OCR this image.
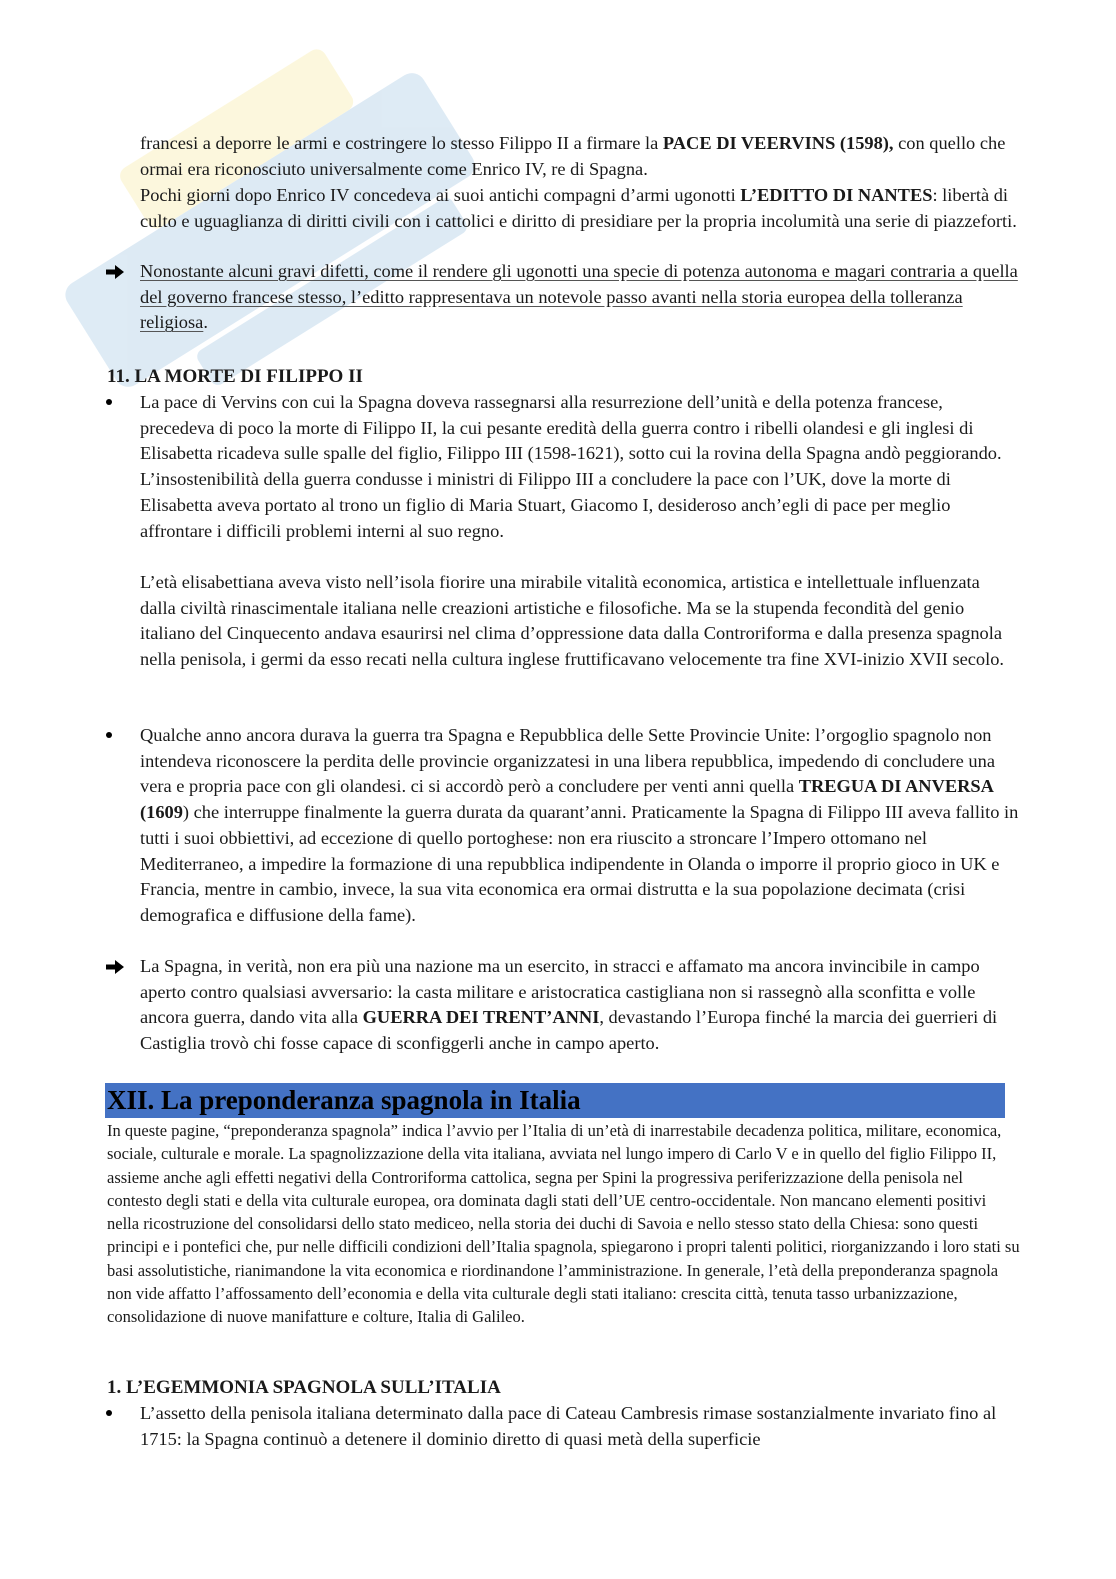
francesi a deporre le armi e costringere lo stesso Filippo II a firmare la PACE DI VEERVINS (1598), con quello che ormai era riconosciuto universalmente come Enrico IV, re di Spagna.

Pochi giorni dopo Enrico IV concedeva ai suoi antichi compagni d’armi ugonotti L’EDITTO DI NANTES: libertà di culto e uguaglianza di diritti civili con i cattolici e diritto di presidiare per la propria incolumità una serie di piazzeforti.

Nonostante alcuni gravi difetti, come il rendere gli ugonotti una specie di potenza autonoma e magari contraria a quella del governo francese stesso, l’editto rappresentava un notevole passo avanti nella storia europea della tolleranza religiosa.

11. LA MORTE DI FILIPPO II

La pace di Vervins con cui la Spagna doveva rassegnarsi alla resurrezione dell’unità e della potenza francese, precedeva di poco la morte di Filippo II, la cui pesante eredità della guerra contro i ribelli olandesi e gli inglesi di Elisabetta ricadeva sulle spalle del figlio, Filippo III (1598-1621), sotto cui la rovina della Spagna andò peggiorando. L’insostenibilità della guerra condusse i ministri di Filippo III a concludere la pace con l’UK, dove la morte di Elisabetta aveva portato al trono un figlio di Maria Stuart, Giacomo I, desideroso anch’egli di pace per meglio affrontare i difficili problemi interni al suo regno.

L’età elisabettiana aveva visto nell’isola fiorire una mirabile vitalità economica, artistica e intellettuale influenzata dalla civiltà rinascimentale italiana nelle creazioni artistiche e filosofiche. Ma se la stupenda fecondità del genio italiano del Cinquecento andava esaurirsi nel clima d’oppressione data dalla Controriforma e dalla presenza spagnola nella penisola, i germi da esso recati nella cultura inglese fruttificavano velocemente tra fine XVI-inizio XVII secolo.

Qualche anno ancora durava la guerra tra Spagna e Repubblica delle Sette Provincie Unite: l’orgoglio spagnolo non intendeva riconoscere la perdita delle provincie organizzatesi in una libera repubblica, impedendo di concludere una vera e propria pace con gli olandesi. ci si accordò però a concludere per venti anni quella TREGUA DI ANVERSA (1609) che interruppe finalmente la guerra durata da quarant’anni. Praticamente la Spagna di Filippo III aveva fallito in tutti i suoi obbiettivi, ad eccezione di quello portoghese: non era riuscito a stroncare l’Impero ottomano nel Mediterraneo, a impedire la formazione di una repubblica indipendente in Olanda o imporre il proprio gioco in UK e Francia, mentre in cambio, invece, la sua vita economica era ormai distrutta e la sua popolazione decimata (crisi demografica e diffusione della fame).

La Spagna, in verità, non era più una nazione ma un esercito, in stracci e affamato ma ancora invincibile in campo aperto contro qualsiasi avversario: la casta militare e aristocratica castigliana non si rassegnò alla sconfitta e volle ancora guerra, dando vita alla GUERRA DEI TRENT’ANNI, devastando l’Europa finché la marcia dei guerrieri di Castiglia trovò chi fosse capace di sconfiggerli anche in campo aperto.

XII. La preponderanza spagnola in Italia

In queste pagine, “preponderanza spagnola” indica l’avvio per l’Italia di un’età di inarrestabile decadenza politica, militare, economica, sociale, culturale e morale. La spagnolizzazione della vita italiana, avviata nel lungo impero di Carlo V e in quello del figlio Filippo II, assieme anche agli effetti negativi della Controriforma cattolica, segna per Spini la progressiva periferizzazione della penisola nel contesto degli stati e della vita culturale europea, ora dominata dagli stati dell’UE centro-occidentale. Non mancano elementi positivi nella ricostruzione del consolidarsi dello stato mediceo, nella storia dei duchi di Savoia e nello stesso stato della Chiesa: sono questi principi e i pontefici che, pur nelle difficili condizioni dell’Italia spagnola, spiegarono i propri talenti politici, riorganizzando i loro stati su basi assolutistiche, rianimandone la vita economica e riordinandone l’amministrazione. In generale, l’età della preponderanza spagnola non vide affatto l’affossamento dell’economia e della vita culturale degli stati italiano: crescita città, tenuta tasso urbanizzazione, consolidazione di nuove manifatture e colture, Italia di Galileo.

1. L’EGEMMONIA SPAGNOLA SULL’ITALIA

L’assetto della penisola italiana determinato dalla pace di Cateau Cambresis rimase sostanzialmente invariato fino al 1715: la Spagna continuò a detenere il dominio diretto di quasi metà della superficie
